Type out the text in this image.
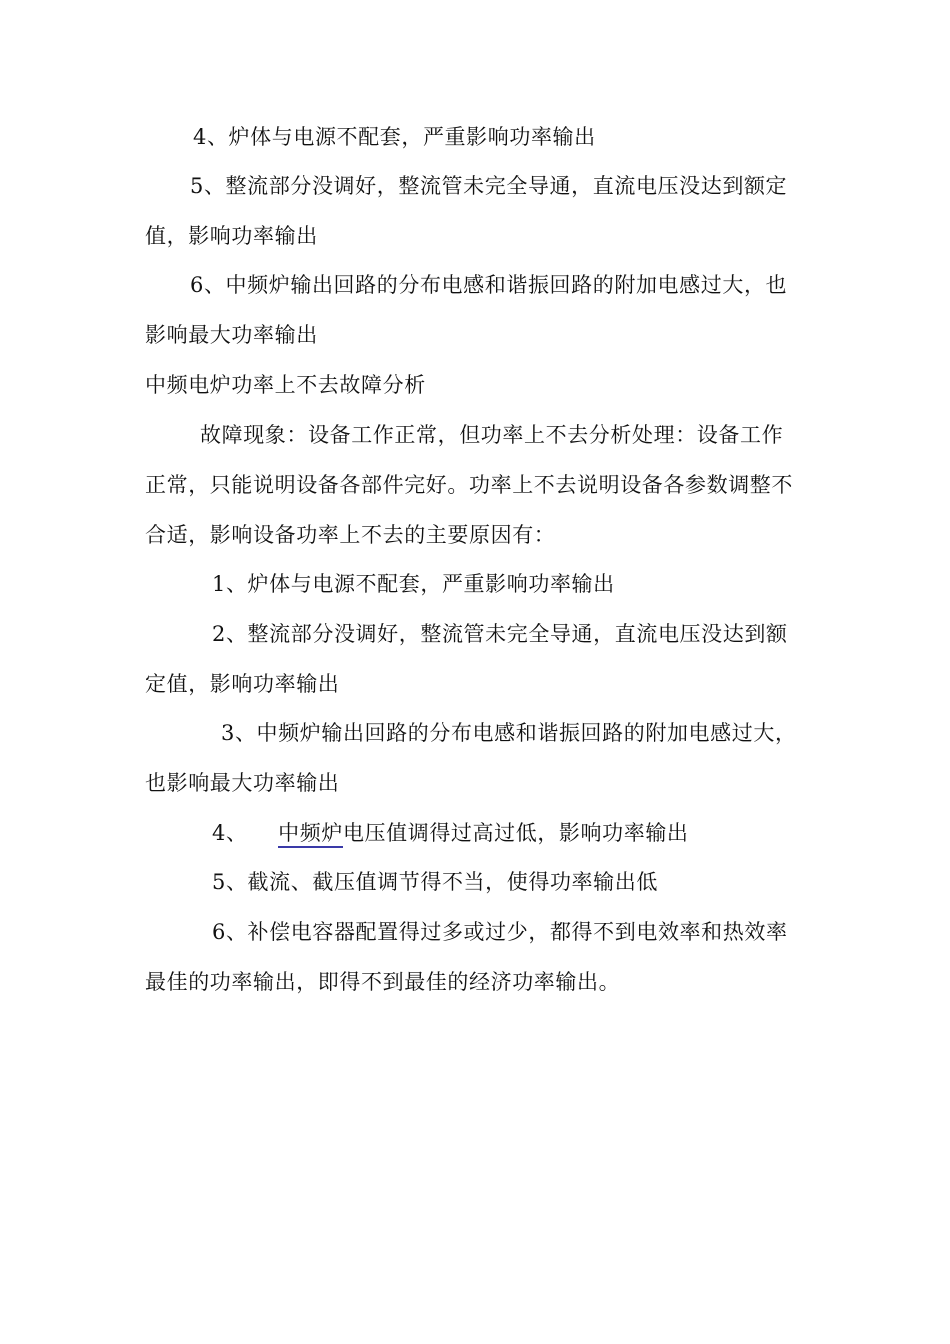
4、炉体与电源不配套，严重影响功率输出
5、整流部分没调好，整流管未完全导通，直流电压没达到额定
值，影响功率输出
6、中频炉输出回路的分布电感和谐振回路的附加电感过大，也
影响最大功率输出
中频电炉功率上不去故障分析
故障现象：设备工作正常，但功率上不去分析处理：设备工作
正常，只能说明设备各部件完好。功率上不去说明设备各参数调整不
合适，影响设备功率上不去的主要原因有：
1、炉体与电源不配套，严重影响功率输出
2、整流部分没调好，整流管未完全导通，直流电压没达到额
定值，影响功率输出
3、中频炉输出回路的分布电感和谐振回路的附加电感过大，
也影响最大功率输出
4、 中频炉电压值调得过高过低，影响功率输出
5、截流、截压值调节得不当，使得功率输出低
6、补偿电容器配置得过多或过少，都得不到电效率和热效率
最佳的功率输出，即得不到最佳的经济功率输出。
